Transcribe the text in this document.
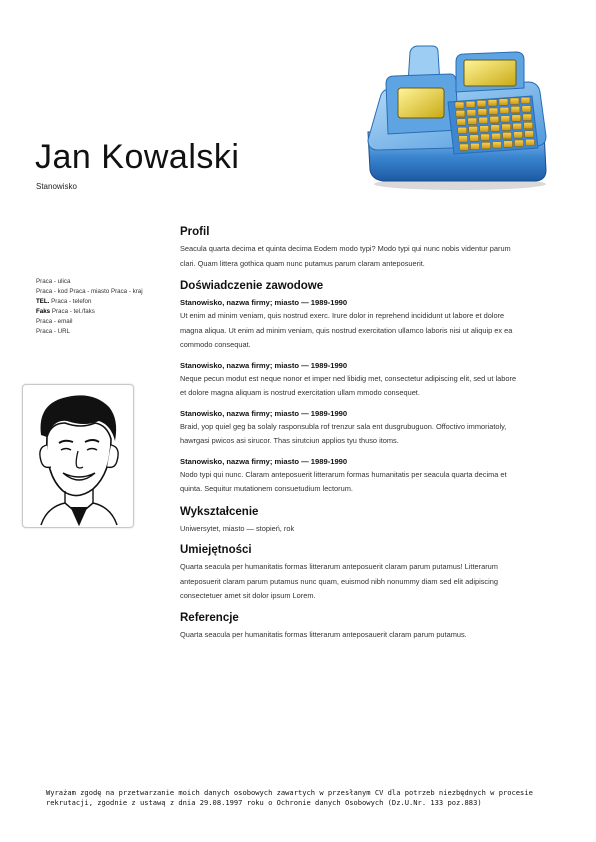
Jan Kowalski
Stanowisko
Praca - ulica
Praca - kod Praca - miasto Praca - kraj
TEL. Praca - telefon
Faks Praca - tel./faks
Praca - email
Praca - URL
Profil

Seacula quarta decima et quinta decima Eodem modo typi? Modo typi qui nunc nobis videntur parum clari. Quam littera gothica quam nunc putamus parum claram anteposuerit.

Doświadczenie zawodowe
Stanowisko, nazwa firmy; miasto — 1989-1990

Ut enim ad minim veniam, quis nostrud exerc. Irure dolor in reprehend incididunt ut labore et dolore magna aliqua. Ut enim ad minim veniam, quis nostrud exercitation ullamco laboris nisi ut aliquip ex ea commodo consequat.

Stanowisko, nazwa firmy; miasto — 1989-1990

Neque pecun modut est neque nonor et imper ned libidig met, consectetur adipiscing elit, sed ut labore et dolore magna aliquam is nostrud exercitation ullam mmodo consequet.

Stanowisko, nazwa firmy; miasto — 1989-1990

Braid, yop quiel geg ba solaly rasponsubla rof trenzur sala ent dusgrubuguon. Offoctivo immoriatoly, hawrgasi pwicos asi sirucor. Thas sirutciun applios tyu thuso itoms.

Stanowisko, nazwa firmy; miasto — 1989-1990

Nodo typi qui nunc. Claram anteposuerit litterarum formas humanitatis per seacula quarta decima et quinta. Sequitur mutationem consuetudium lectorum.

Wykształcenie

Uniwersytet, miasto — stopień, rok

Umiejętności

Quarta seacula per humanitatis formas litterarum anteposuerit claram parum putamus! Litterarum anteposuerit claram parum putamus nunc quam, euismod nibh nonummy diam sed elit adipiscing consectetuer amet sit dolor ipsum Lorem.

Referencje

Quarta seacula per humanitatis formas litterarum anteposauerit claram parum putamus.

Wyrażam zgodę na przetwarzanie moich danych osobowych zawartych w przesłanym CV dla potrzeb niezbędnych w procesie rekrutacji, zgodnie z ustawą z dnia 29.08.1997 roku o Ochronie danych Osobowych (Dz.U.Nr. 133 poz.883)
